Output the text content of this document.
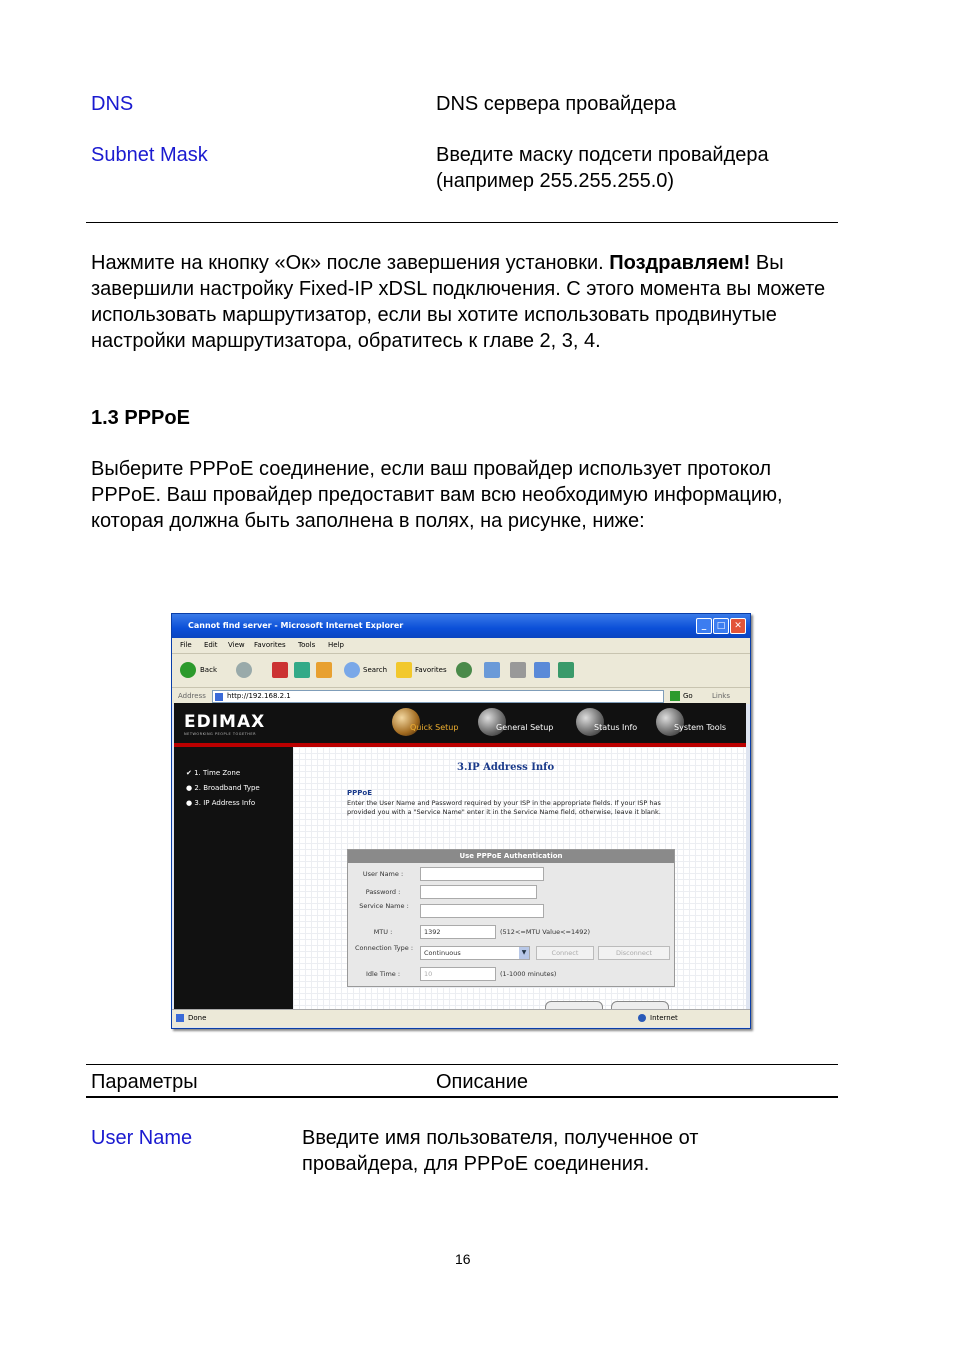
DNS	DNS сервера провайдера
Subnet Mask	Введите маску подсети провайдера
(например 255.255.255.0)
Нажмите на кнопку «Ок» после завершения установки. Поздравляем! Вы завершили настройку Fixed-IP xDSL подключения. С этого момента вы можете использовать маршрутизатор, если вы хотите использовать продвинутые настройки маршрутизатора, обратитесь к главе 2, 3, 4.
1.3 PPPoE
Выберите PPPoE соединение, если ваш провайдер использует протокол PPPoE. Ваш провайдер предоставит вам всю необходимую информацию, которая должна быть заполнена в полях, на рисунке, ниже:
Cannot find server - Microsoft Internet Explorer	_	□ ✕
File Edit View Favorites Tools Help
Back	Search	Favorites
Address	http://192.168.2.1	Go	Links
EDIMAX
NETWORKING PEOPLE TOGETHER
Quick Setup	General Setup	Status Info	System Tools
✔ 1. Time Zone
● 2. Broadband Type
● 3. IP Address Info
3.IP Address Info
PPPoE
Enter the User Name and Password required by your ISP in the appropriate fields. If your ISP has provided you with a "Service Name" enter it in the Service Name field, otherwise, leave it blank.
Use PPPoE Authentication
User Name :
Password :
Service Name :
MTU :	1392	(512<=MTU Value<=1492)
Connection Type :
Continuous	▼	Connect	Disconnect
Idle Time :	10	(1-1000 minutes)
Done	Internet
Параметры	Описание
User Name	Введите имя пользователя, полученное от
провайдера, для PPPoE соединения.
16
